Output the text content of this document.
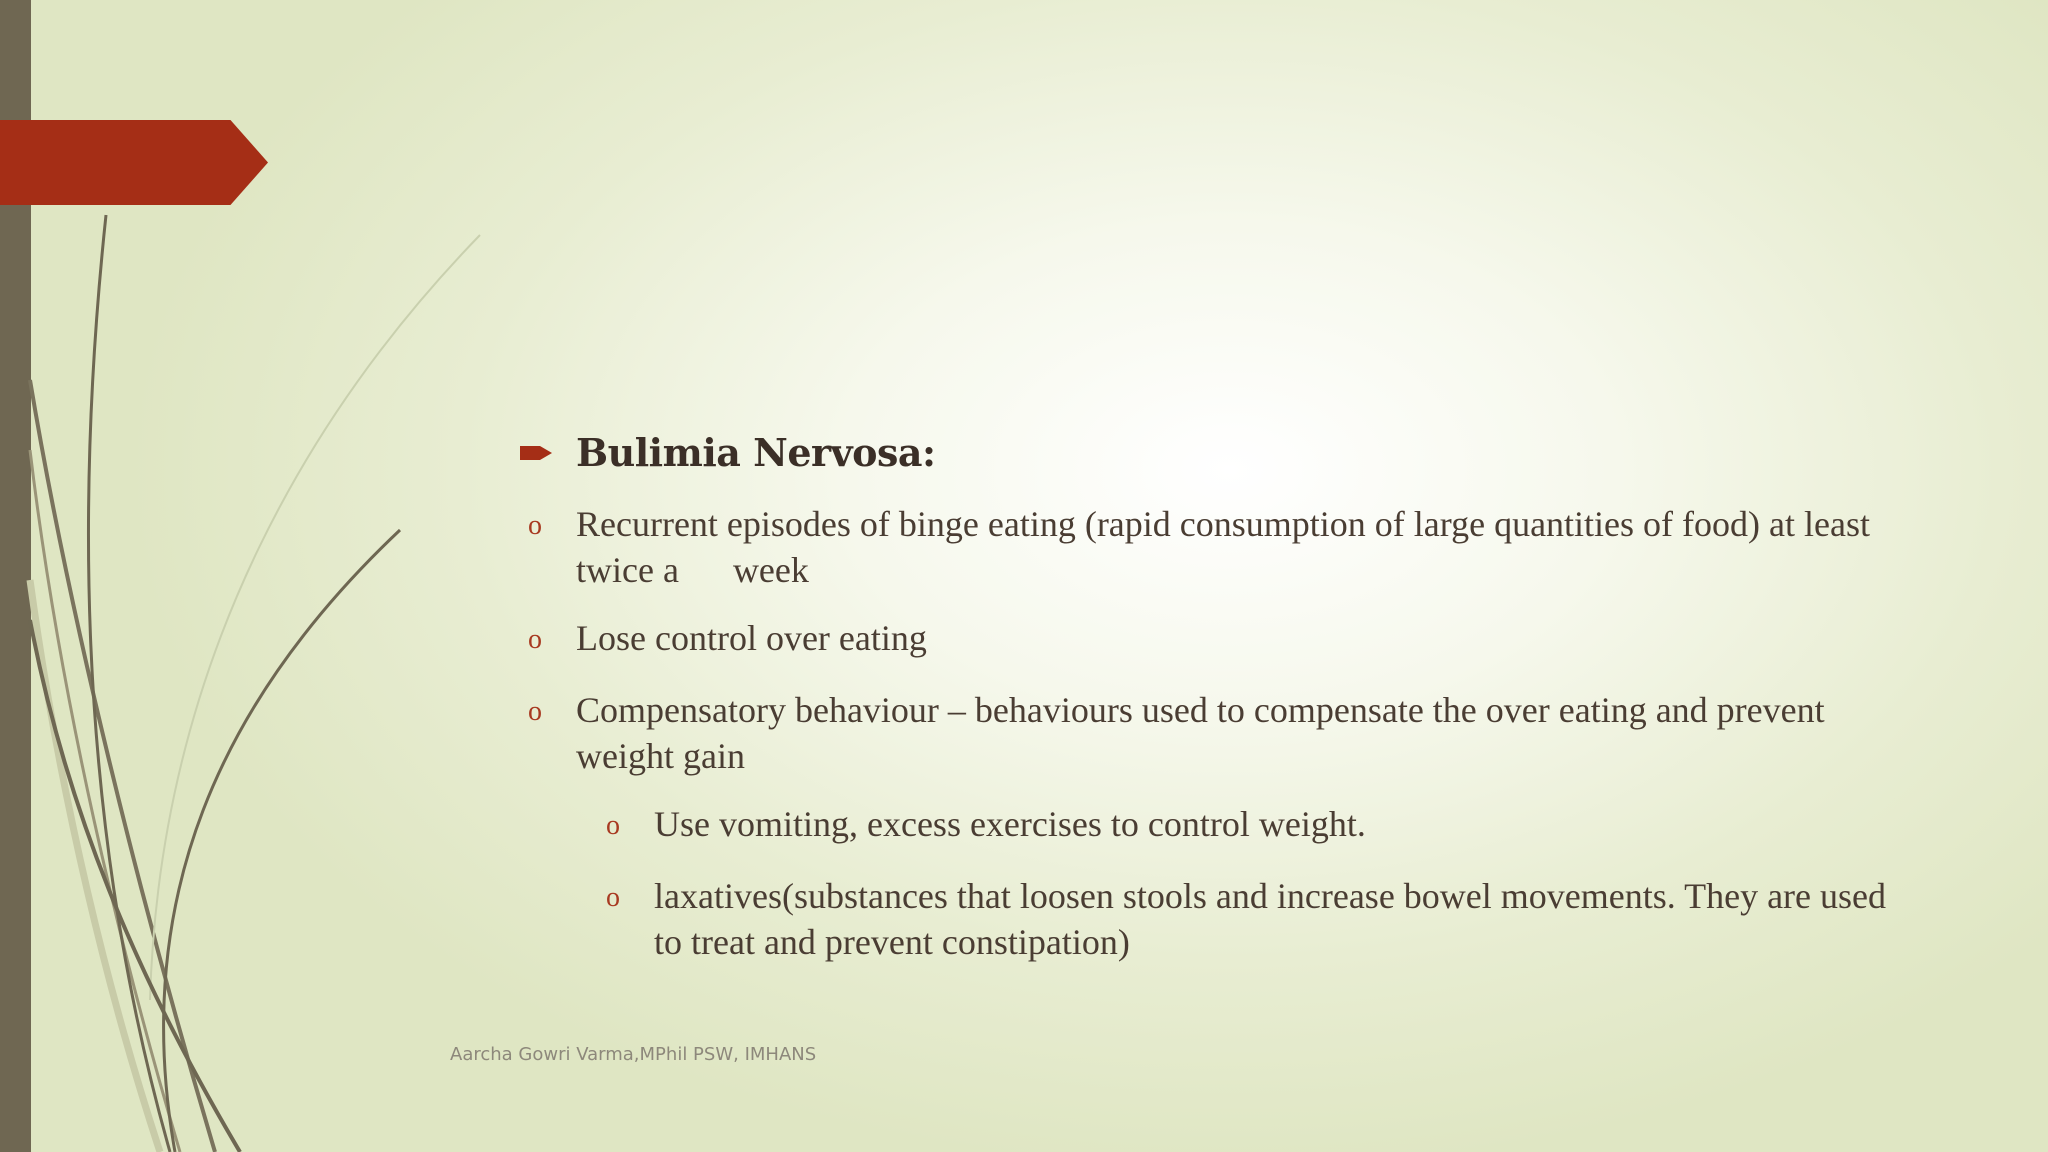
Bulimia Nervosa:
o Recurrent episodes of binge eating (rapid consumption of large quantities of food) at least twice a      week
o Lose control over eating
o Compensatory behaviour – behaviours used to compensate the over eating and prevent weight gain
o Use vomiting, excess exercises to control weight.
o laxatives(substances that loosen stools and increase bowel movements. They are used to treat and prevent constipation)
Aarcha Gowri Varma,MPhil PSW, IMHANS
